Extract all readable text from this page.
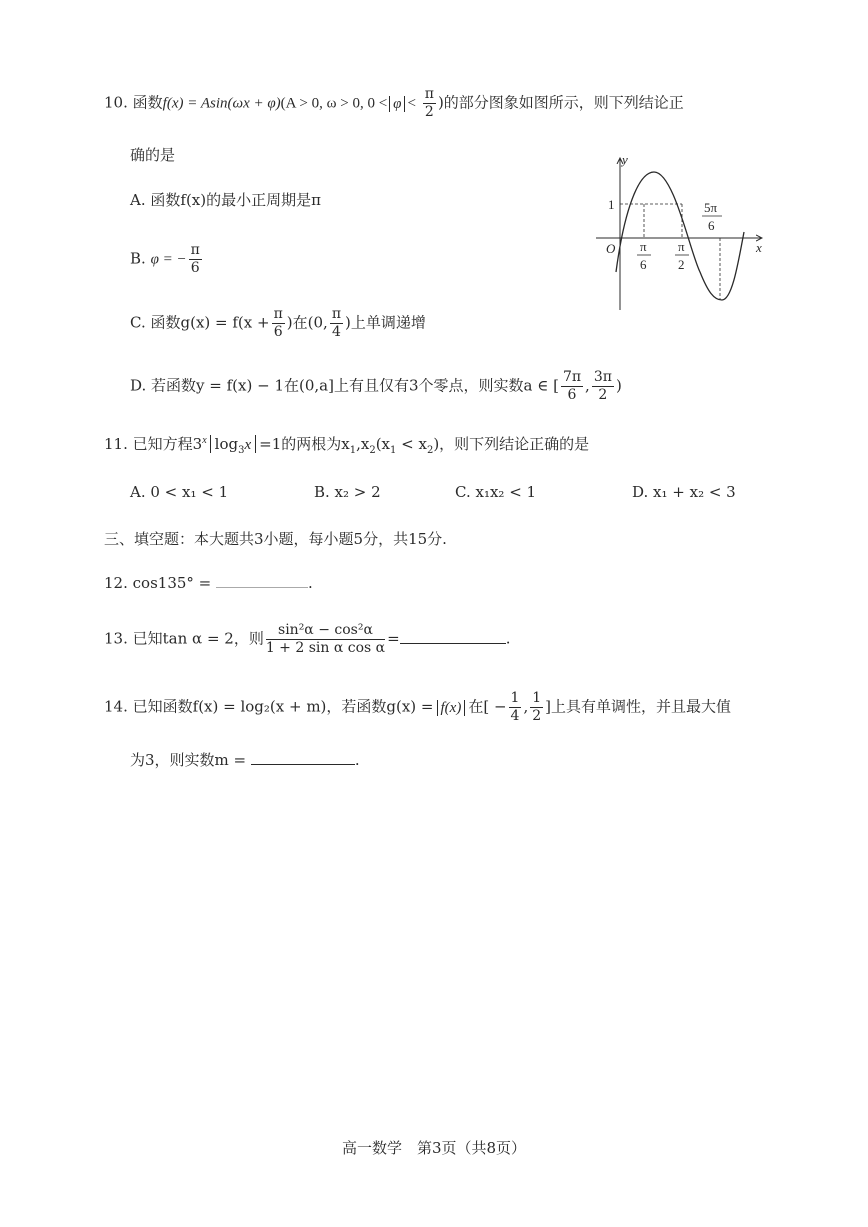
10. 函数f(x) = Asin(ωx + φ)(A > 0, ω > 0, $0 < \varphi < \frac{\pi}{2}$ )的部分图象如图所示，则下列结论正
确的是
A. 函数f(x)的最小正周期是π
B. φ = − $\frac{\pi}{6}$
C. 函数$g(x) = f(x + \frac{\pi}{6}$ )在(0, $\frac{\pi}{4}$ )上单调递增
D. 若函数y = f(x) − 1在(0,a]上有且仅有3个零点，则实数a ∈ [ $\frac{7\pi}{6}$ , $\frac{3\pi}{2}$ )
y
x
O
1
π
6
π
2
5π
6
11. 已知方程3$^x$ $\log_3x =1$的两根为$x_1,x_2(x_1 < x_2)$，则下列结论正确的是
A. 0 < x₁ < 1	B. x₂ > 2	C. x₁x₂ < 1	D. x₁ + x₂ < 3
三、填空题：本大题共3小题，每小题5分，共15分.
12. cos135° =	.
13. 已知tan α = 2，则 $\frac{\text{sin²α − cos²α}}{\text{1 + 2 sin α cos α}}$ =	.
14. 已知函数f(x) = log₂(x + m)，若函数g(x) = f(x) 在[ − $\frac{1}{4}$ , $\frac{1}{2}$ ]上具有单调性，并且最大值
为3，则实数m =	.
高一数学　第3页（共8页）
